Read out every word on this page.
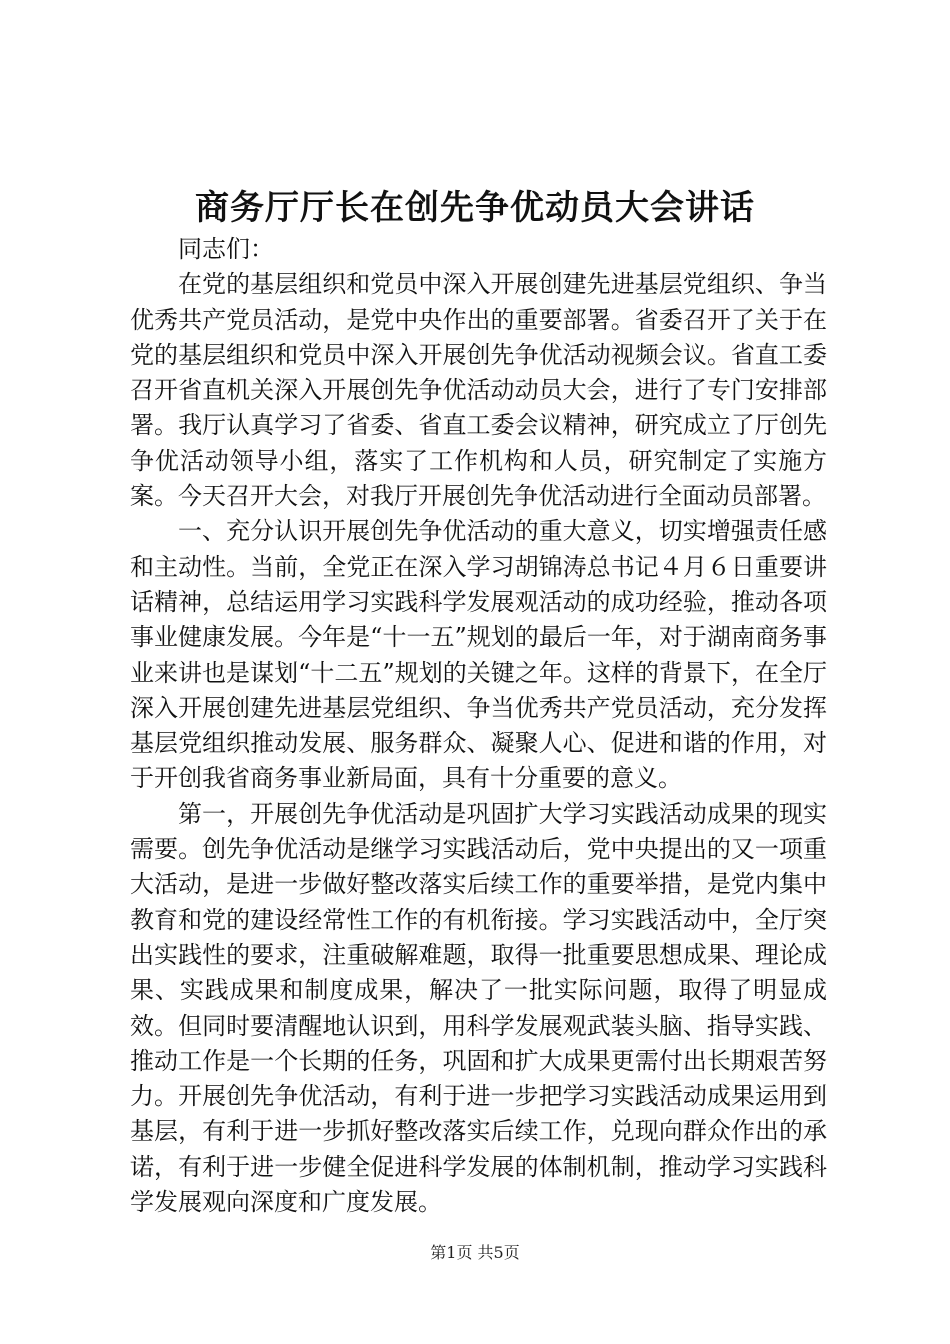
商务厅厅长在创先争优动员大会讲话

同志们：

在党的基层组织和党员中深入开展创建先进基层党组织、争当优秀共产党员活动，是党中央作出的重要部署。省委召开了关于在党的基层组织和党员中深入开展创先争优活动视频会议。省直工委召开省直机关深入开展创先争优活动动员大会，进行了专门安排部署。我厅认真学习了省委、省直工委会议精神，研究成立了厅创先争优活动领导小组，落实了工作机构和人员，研究制定了实施方案。今天召开大会，对我厅开展创先争优活动进行全面动员部署。

一、充分认识开展创先争优活动的重大意义，切实增强责任感和主动性。当前，全党正在深入学习胡锦涛总书记４月６日重要讲话精神，总结运用学习实践科学发展观活动的成功经验，推动各项事业健康发展。今年是“十一五”规划的最后一年，对于湖南商务事业来讲也是谋划“十二五”规划的关键之年。这样的背景下，在全厅深入开展创建先进基层党组织、争当优秀共产党员活动，充分发挥基层党组织推动发展、服务群众、凝聚人心、促进和谐的作用，对于开创我省商务事业新局面，具有十分重要的意义。

第一，开展创先争优活动是巩固扩大学习实践活动成果的现实需要。创先争优活动是继学习实践活动后，党中央提出的又一项重大活动，是进一步做好整改落实后续工作的重要举措，是党内集中教育和党的建设经常性工作的有机衔接。学习实践活动中，全厅突出实践性的要求，注重破解难题，取得一批重要思想成果、理论成果、实践成果和制度成果，解决了一批实际问题，取得了明显成效。但同时要清醒地认识到，用科学发展观武装头脑、指导实践、推动工作是一个长期的任务，巩固和扩大成果更需付出长期艰苦努力。开展创先争优活动，有利于进一步把学习实践活动成果运用到基层，有利于进一步抓好整改落实后续工作，兑现向群众作出的承诺，有利于进一步健全促进科学发展的体制机制，推动学习实践科学发展观向深度和广度发展。

第1页 共5页
